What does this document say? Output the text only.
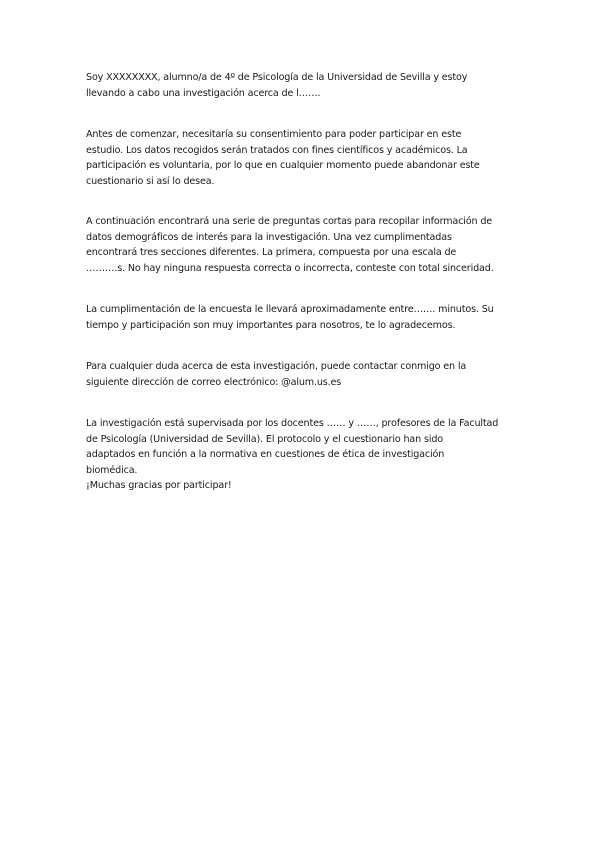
Soy XXXXXXXX, alumno/a de 4º de Psicología de la Universidad de Sevilla y estoy
llevando a cabo una investigación acerca de l…….

Antes de comenzar, necesitaría su consentimiento para poder participar en este
estudio. Los datos recogidos serán tratados con fines científicos y académicos. La
participación es voluntaria, por lo que en cualquier momento puede abandonar este
cuestionario si así lo desea.

A continuación encontrará una serie de preguntas cortas para recopilar información de
datos demográficos de interés para la investigación. Una vez cumplimentadas
encontrará tres secciones diferentes. La primera, compuesta por una escala de
……….s. No hay ninguna respuesta correcta o incorrecta, conteste con total sinceridad.

La cumplimentación de la encuesta le llevará aproximadamente entre……. minutos. Su
tiempo y participación son muy importantes para nosotros, te lo agradecemos.

Para cualquier duda acerca de esta investigación, puede contactar conmigo en la
siguiente dirección de correo electrónico: @alum.us.es

La investigación está supervisada por los docentes …… y ……, profesores de la Facultad
de Psicología (Universidad de Sevilla). El protocolo y el cuestionario han sido
adaptados en función a la normativa en cuestiones de ética de investigación
biomédica.
¡Muchas gracias por participar!
